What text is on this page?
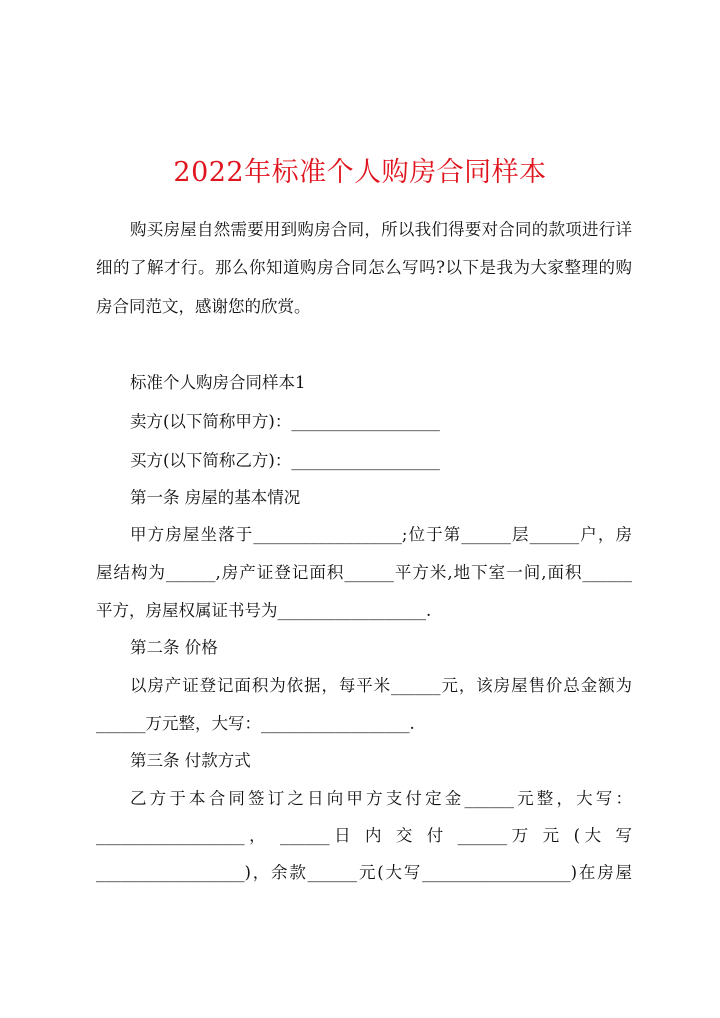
2022年标准个人购房合同样本
购买房屋自然需要用到购房合同，所以我们得要对合同的款项进行详
细的了解才行。那么你知道购房合同怎么写吗?以下是我为大家整理的购
房合同范文，感谢您的欣赏。
标准个人购房合同样本1
卖方(以下简称甲方)：__________________
买方(以下简称乙方)：__________________
第一条 房屋的基本情况
甲方房屋坐落于__________________;位于第______层______户，房
屋结构为______,房产证登记面积______平方米,地下室一间,面积______
平方，房屋权属证书号为__________________.
第二条 价格
以房产证登记面积为依据，每平米______元，该房屋售价总金额为
______万元整，大写：__________________.
第三条 付款方式
乙方于本合同签订之日向甲方支付定金______元整，大写：
__________________， ______日 内 交 付 ______万 元 (大 写
__________________)，余款______元(大写__________________)在房屋
